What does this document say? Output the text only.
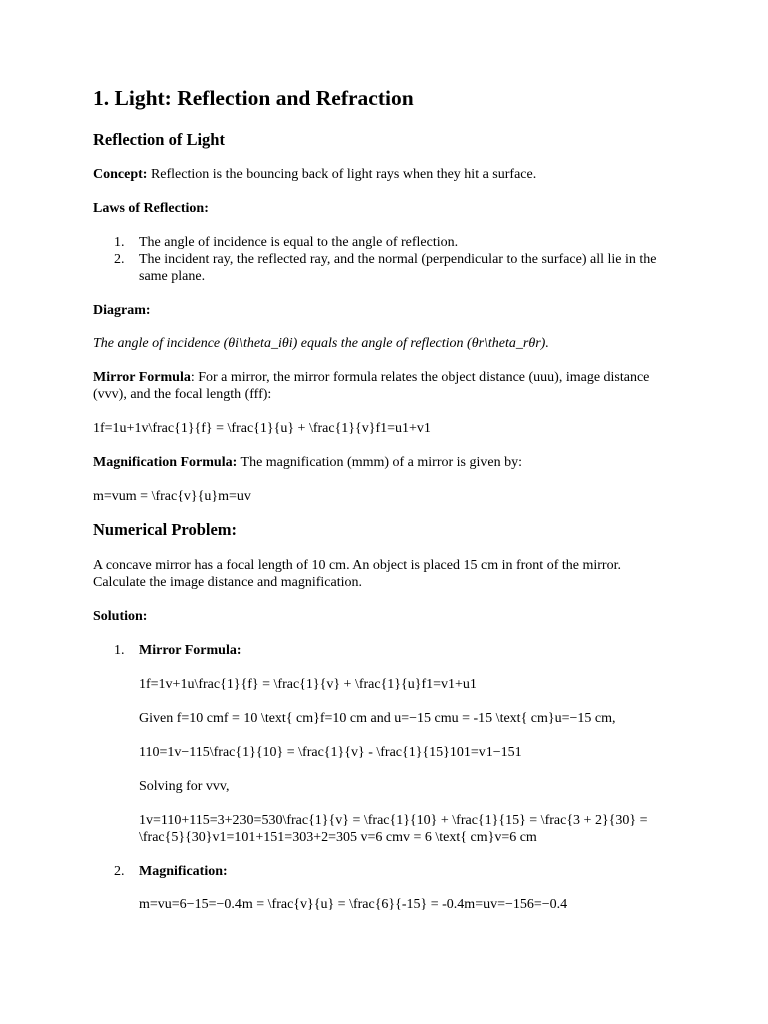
1. Light: Reflection and Refraction
Reflection of Light
Concept: Reflection is the bouncing back of light rays when they hit a surface.
Laws of Reflection:
1. The angle of incidence is equal to the angle of reflection.
2. The incident ray, the reflected ray, and the normal (perpendicular to the surface) all lie in the same plane.
Diagram:
The angle of incidence (θi\theta_iθi) equals the angle of reflection (θr\theta_rθr).
Mirror Formula: For a mirror, the mirror formula relates the object distance (uuu), image distance (vvv), and the focal length (fff):
1f=1u+1v\frac{1}{f} = \frac{1}{u} + \frac{1}{v}f1=u1+v1
Magnification Formula: The magnification (mmm) of a mirror is given by:
m=vum = \frac{v}{u}m=uv
Numerical Problem:
A concave mirror has a focal length of 10 cm. An object is placed 15 cm in front of the mirror. Calculate the image distance and magnification.
Solution:
1. Mirror Formula:
1f=1v+1u\frac{1}{f} = \frac{1}{v} + \frac{1}{u}f1=v1+u1
Given f=10 cmf = 10 \text{ cm}f=10 cm and u=−15 cmu = -15 \text{ cm}u=−15 cm,
110=1v−115\frac{1}{10} = \frac{1}{v} - \frac{1}{15}101=v1−151
Solving for vvv,
1v=110+115=3+230=530\frac{1}{v} = \frac{1}{10} + \frac{1}{15} = \frac{3 + 2}{30} = \frac{5}{30}v1=101+151=303+2=305 v=6 cmv = 6 \text{ cm}v=6 cm
2. Magnification:
m=vu=6−15=−0.4m = \frac{v}{u} = \frac{6}{-15} = -0.4m=uv=−156=−0.4
